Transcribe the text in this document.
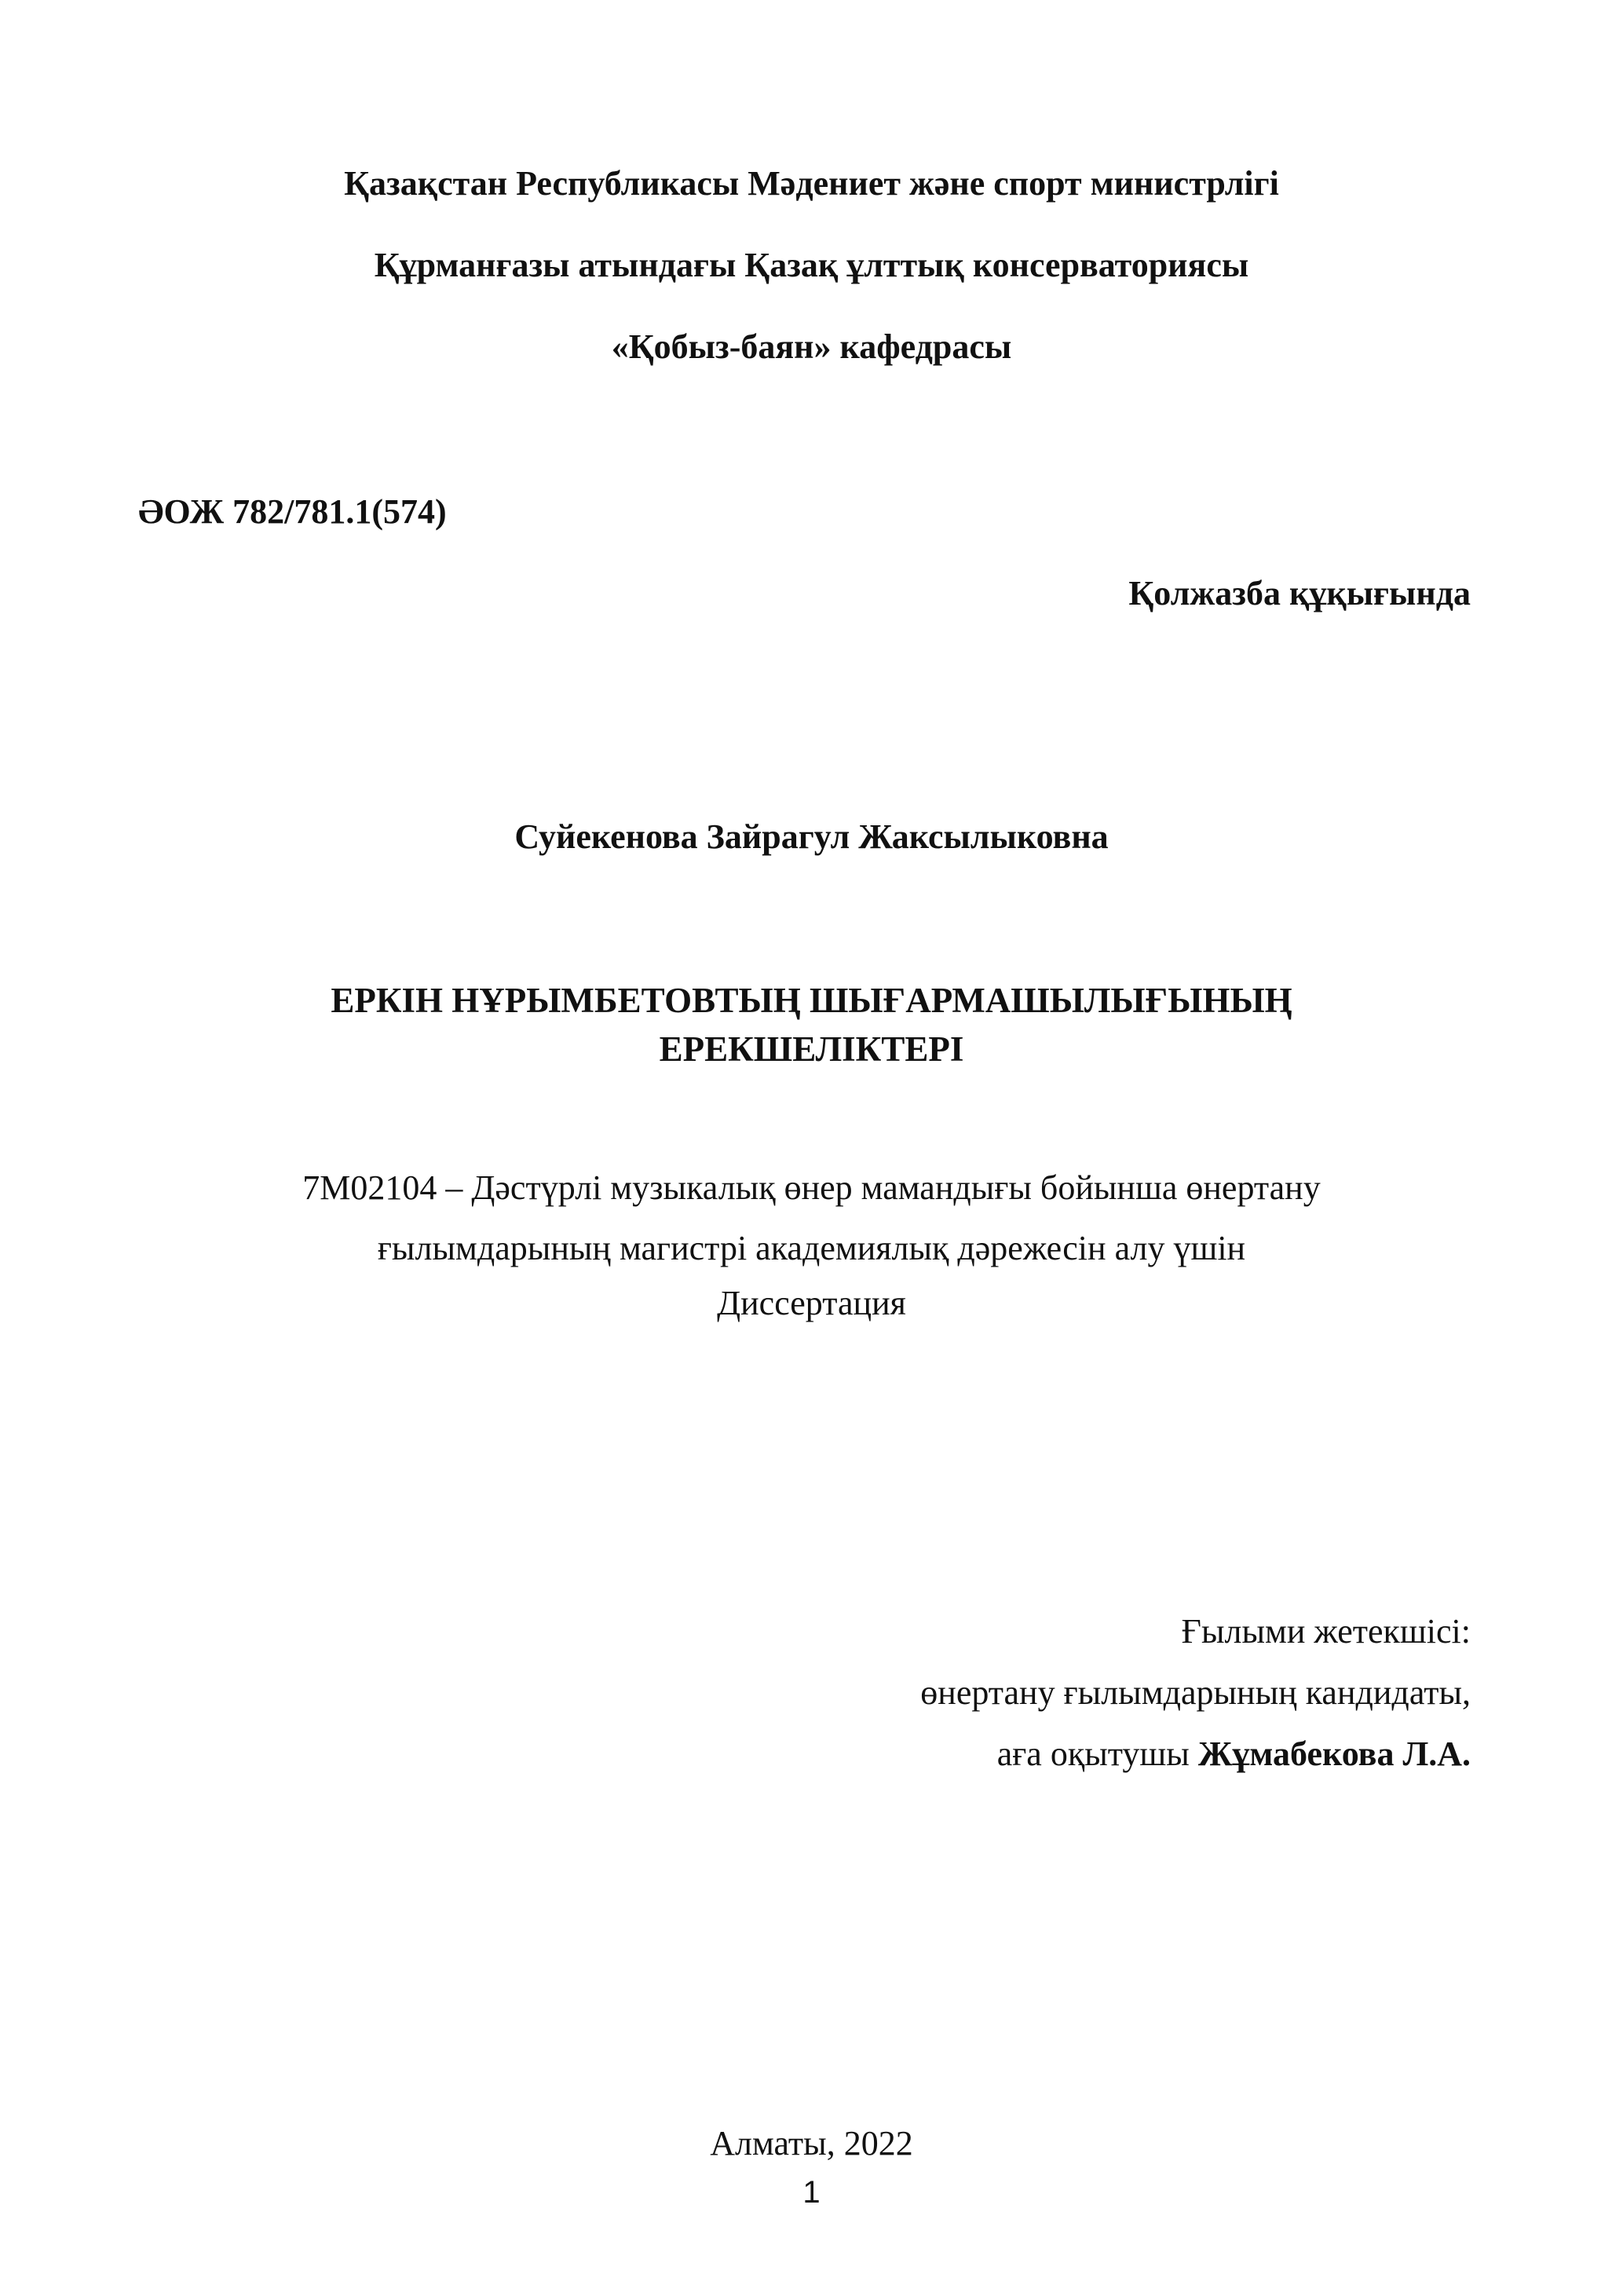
Қазақстан Республикасы Мәдениет және спорт министрлігі
Құрманғазы атындағы Қазақ ұлттық консерваториясы
«Қобыз-баян» кафедрасы
ӘОЖ 782/781.1(574)
Қолжазба құқығында
Суйекенова Зайрагул Жаксылыковна
ЕРКІН НҰРЫМБЕТОВТЫҢ ШЫҒАРМАШЫЛЫҒЫНЫҢ
ЕРЕКШЕЛІКТЕРІ
7М02104 – Дәстүрлі музыкалық өнер мамандығы бойынша өнертану
ғылымдарының магистрі академиялық дәрежесін алу үшін
Диссертация
Ғылыми жетекшісі:
өнертану ғылымдарының кандидаты,
аға оқытушы Жұмабекова Л.А.
Алматы, 2022
1
